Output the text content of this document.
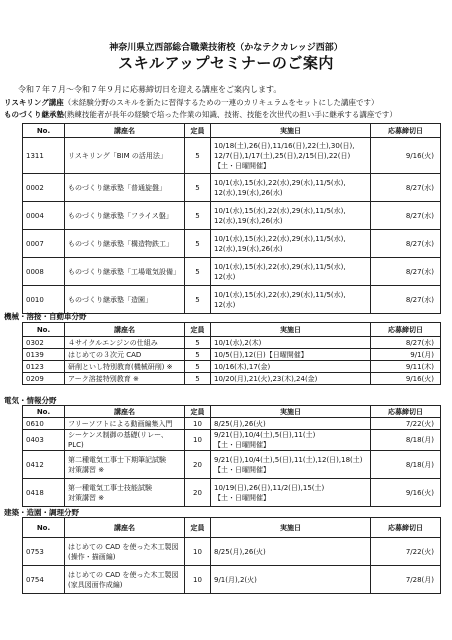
神奈川県立西部総合職業技術校（かなテクカレッジ西部）
スキルアップセミナーのご案内
令和７年７月～令和７年９月に応募締切日を迎える講座をご案内します。
リスキリング講座（未経験分野のスキルを新たに習得するための一連のカリキュラムをセットにした講座です）
ものづくり継承塾(熟練技能者が長年の経験で培った作業の知識、技術、技能を次世代の担い手に継承する講座です）
No.	講座名	定員	実施日	応募締切日
1311	リスキリング「BIM の活用法」	5	10/18(土),26(日),11/16(日),22(土),30(日),
12/7(日),1/17(土),25(日),2/15(日),22(日)
【土・日曜開催】	9/16(火)
0002	ものづくり継承塾「普通旋盤」	5	10/1(水),15(水),22(水),29(水),11/5(水),
12(水),19(水),26(水)	8/27(水)
0004	ものづくり継承塾「フライス盤」	5	10/1(水),15(水),22(水),29(水),11/5(水),
12(水),19(水),26(水)	8/27(水)
0007	ものづくり継承塾「構造物鉄工」	5	10/1(水),15(水),22(水),29(水),11/5(水),
12(水),19(水),26(水)	8/27(水)
0008	ものづくり継承塾「工場電気設備」	5	10/1(水),15(水),22(水),29(水),11/5(水),
12(水)	8/27(水)
0010	ものづくり継承塾「造園」	5	10/1(水),15(水),22(水),29(水),11/5(水),
12(水)	8/27(水)
機械・溶接・自動車分野
No.	講座名	定員	実施日	応募締切日
0302	４サイクルエンジンの仕組み	5	10/1(水),2(木)	8/27(水)
0139	はじめての３次元 CAD	5	10/5(日),12(日)【日曜開催】	9/1(月)
0123	研削といし特別教育(機械研削) ※	5	10/16(木),17(金)	9/11(木)
0209	アーク溶接特別教育 ※	5	10/20(月),21(火),23(木),24(金)	9/16(火)
電気・情報分野
No.	講座名	定員	実施日	応募締切日
0610	フリーソフトによる動画編集入門	10	8/25(月),26(火)	7/22(火)
0403	シーケンス制御の基礎(リレー、PLC)	10	9/21(日),10/4(土),5(日),11(土)
【土・日曜開催】	8/18(月)
0412	第二種電気工事士下期筆記試験
対策講習 ※	20	9/21(日),10/4(土),5(日),11(土),12(日),18(土)
【土・日曜開催】	8/18(月)
0418	第一種電気工事士技能試験
対策講習 ※	20	10/19(日),26(日),11/2(日),15(土)
【土・日曜開催】	9/16(火)
建築・造園・調理分野
No.	講座名	定員	実施日	応募締切日
0753	はじめての CAD を使った木工製図
(操作・描画編)	10	8/25(月),26(火)	7/22(火)
0754	はじめての CAD を使った木工製図
(家具図面作成編)	10	9/1(月),2(火)	7/28(月)
